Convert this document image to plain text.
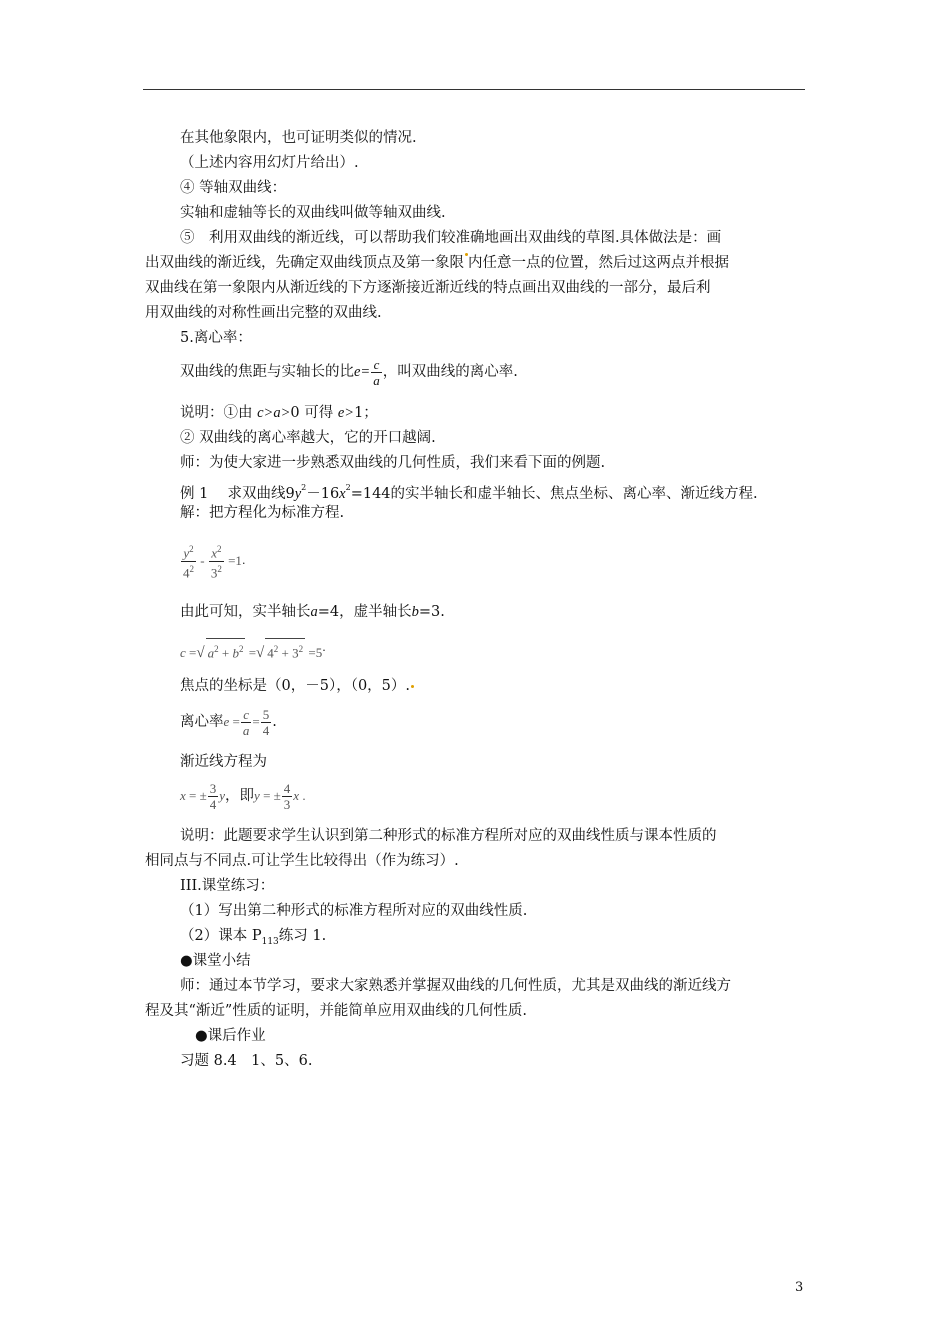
在其他象限内，也可证明类似的情况.
（上述内容用幻灯片给出）.
④ 等轴双曲线：
实轴和虚轴等长的双曲线叫做等轴双曲线.
⑤　利用双曲线的渐近线，可以帮助我们较准确地画出双曲线的草图.具体做法是：画
出双曲线的渐近线，先确定双曲线顶点及第一象限 内任意一点的位置，然后过这两点并根据
双曲线在第一象限内从渐近线的下方逐渐接近渐近线的特点画出双曲线的一部分，最后利
用双曲线的对称性画出完整的双曲线.
5.离心率：
双曲线的焦距与实轴长的比$e= \frac{c}{a}$ ，叫双曲线的离心率.
说明：①由 c>a>0 可得 e>1；
② 双曲线的离心率越大，它的开口越阔.
师：为使大家进一步熟悉双曲线的几何性质，我们来看下面的例题.
例 1　 求双曲线$9y^2-16x^2=144$的实半轴长和虚半轴长、焦点坐标、离心率、渐近线方程.
解：把方程化为标准方程.
$\frac{y^2}{4^2} - \frac{x^2}{3^2} =1^.$
由此可知，实半轴长a=4，虚半轴长b=3.
c =√ $a^2 + b^2$ =√ $4^2 + 3^2 =5^.$
焦点的坐标是（0，－5），（0，5）.
离心率$e = \frac{c}{a} = \frac{5}{4}$ .
渐近线方程为
x = ± $\frac{3}{4}$ y，即y = ± $\frac{4}{3}$ x .
说明：此题要求学生认识到第二种形式的标准方程所对应的双曲线性质与课本性质的
相同点与不同点.可让学生比较得出（作为练习）.
III.课堂练习：
（1）写出第二种形式的标准方程所对应的双曲线性质.
（2）课本 $P_{113}$练习 1.
●课堂小结
师：通过本节学习，要求大家熟悉并掌握双曲线的几何性质，尤其是双曲线的渐近线方
程及其“渐近”性质的证明，并能简单应用双曲线的几何性质.
●课后作业
习题 8.4　1、5、6.
3
